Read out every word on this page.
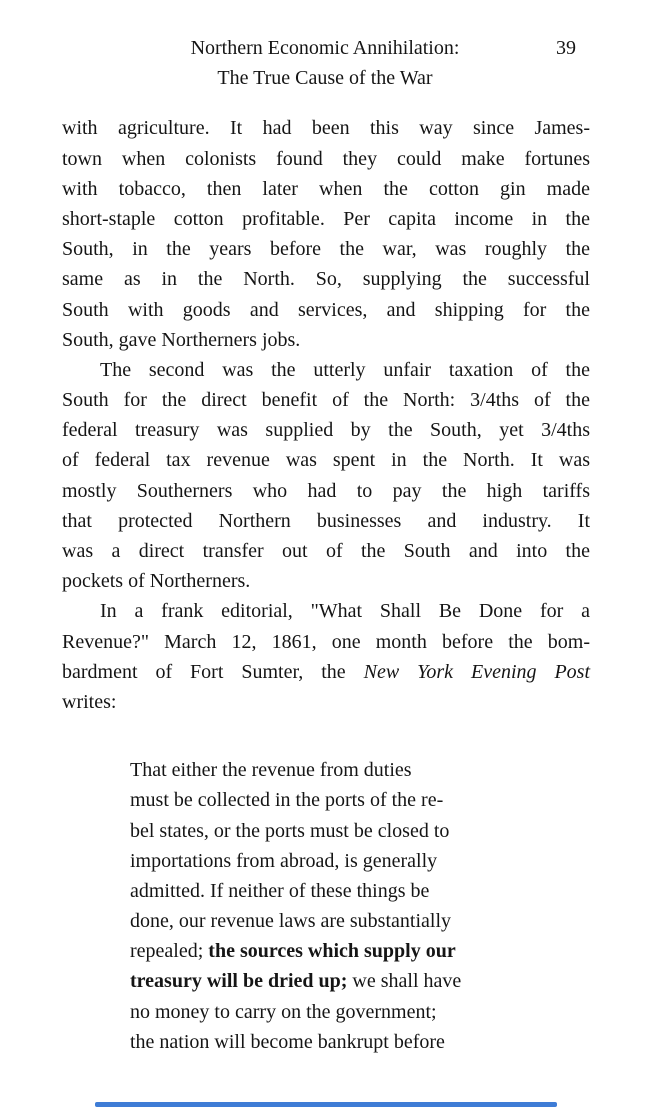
Northern Economic Annihilation:
The True Cause of the War
39
with agriculture. It had been this way since James-
town when colonists found they could make fortunes
with tobacco, then later when the cotton gin made
short-staple cotton profitable. Per capita income in the
South, in the years before the war, was roughly the
same as in the North. So, supplying the successful
South with goods and services, and shipping for the
South, gave Northerners jobs.
The second was the utterly unfair taxation of the
South for the direct benefit of the North: 3/4ths of the
federal treasury was supplied by the South, yet 3/4ths
of federal tax revenue was spent in the North. It was
mostly Southerners who had to pay the high tariffs
that protected Northern businesses and industry. It
was a direct transfer out of the South and into the
pockets of Northerners.
In a frank editorial, "What Shall Be Done for a
Revenue?" March 12, 1861, one month before the bom-
bardment of Fort Sumter, the New York Evening Post
writes:
That either the revenue from duties
must be collected in the ports of the re-
bel states, or the ports must be closed to
importations from abroad, is generally
admitted. If neither of these things be
done, our revenue laws are substantially
repealed; the sources which supply our
treasury will be dried up; we shall have
no money to carry on the government;
the nation will become bankrupt before
